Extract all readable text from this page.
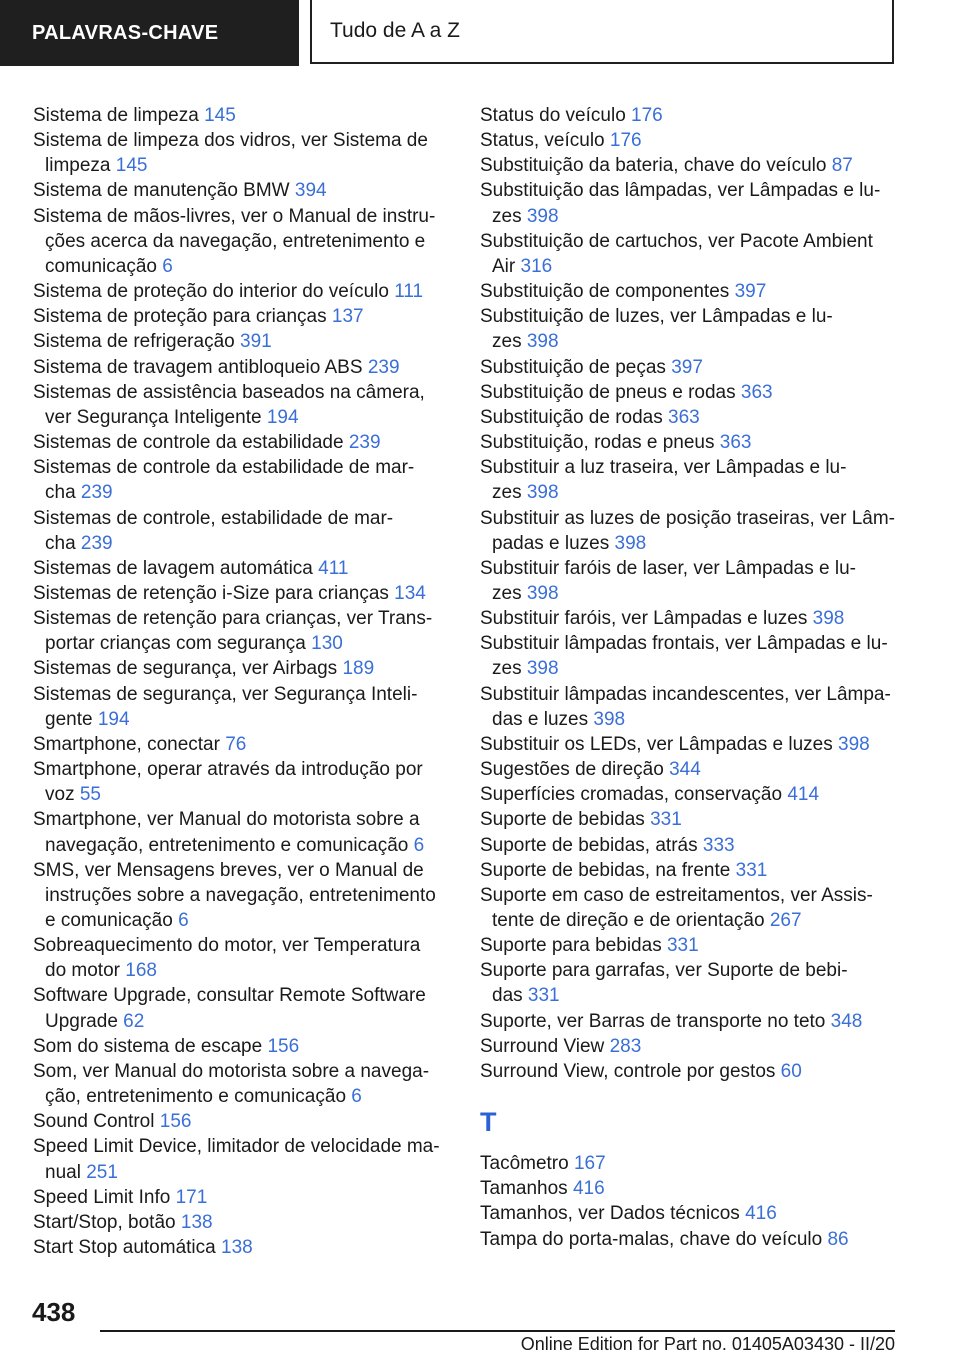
PALAVRAS-CHAVE	Tudo de A a Z
Sistema de limpeza 145
Sistema de limpeza dos vidros, ver Sistema de
limpeza 145
Sistema de manutenção BMW 394
Sistema de mãos-livres, ver o Manual de instru-
ções acerca da navegação, entretenimento e
comunicação 6
Sistema de proteção do interior do veículo 111
Sistema de proteção para crianças 137
Sistema de refrigeração 391
Sistema de travagem antibloqueio ABS 239
Sistemas de assistência baseados na câmera,
ver Segurança Inteligente 194
Sistemas de controle da estabilidade 239
Sistemas de controle da estabilidade de mar-
cha 239
Sistemas de controle, estabilidade de mar-
cha 239
Sistemas de lavagem automática 411
Sistemas de retenção i-Size para crianças 134
Sistemas de retenção para crianças, ver Trans-
portar crianças com segurança 130
Sistemas de segurança, ver Airbags 189
Sistemas de segurança, ver Segurança Inteli-
gente 194
Smartphone, conectar 76
Smartphone, operar através da introdução por
voz 55
Smartphone, ver Manual do motorista sobre a
navegação, entretenimento e comunicação 6
SMS, ver Mensagens breves, ver o Manual de
instruções sobre a navegação, entretenimento
e comunicação 6
Sobreaquecimento do motor, ver Temperatura
do motor 168
Software Upgrade, consultar Remote Software
Upgrade 62
Som do sistema de escape 156
Som, ver Manual do motorista sobre a navega-
ção, entretenimento e comunicação 6
Sound Control 156
Speed Limit Device, limitador de velocidade ma-
nual 251
Speed Limit Info 171
Start/Stop, botão 138
Start Stop automática 138
Status do veículo 176
Status, veículo 176
Substituição da bateria, chave do veículo 87
Substituição das lâmpadas, ver Lâmpadas e lu-
zes 398
Substituição de cartuchos, ver Pacote Ambient
Air 316
Substituição de componentes 397
Substituição de luzes, ver Lâmpadas e lu-
zes 398
Substituição de peças 397
Substituição de pneus e rodas 363
Substituição de rodas 363
Substituição, rodas e pneus 363
Substituir a luz traseira, ver Lâmpadas e lu-
zes 398
Substituir as luzes de posição traseiras, ver Lâm-
padas e luzes 398
Substituir faróis de laser, ver Lâmpadas e lu-
zes 398
Substituir faróis, ver Lâmpadas e luzes 398
Substituir lâmpadas frontais, ver Lâmpadas e lu-
zes 398
Substituir lâmpadas incandescentes, ver Lâmpa-
das e luzes 398
Substituir os LEDs, ver Lâmpadas e luzes 398
Sugestões de direção 344
Superfícies cromadas, conservação 414
Suporte de bebidas 331
Suporte de bebidas, atrás 333
Suporte de bebidas, na frente 331
Suporte em caso de estreitamentos, ver Assis-
tente de direção e de orientação 267
Suporte para bebidas 331
Suporte para garrafas, ver Suporte de bebi-
das 331
Suporte, ver Barras de transporte no teto 348
Surround View 283
Surround View, controle por gestos 60
T
Tacômetro 167
Tamanhos 416
Tamanhos, ver Dados técnicos 416
Tampa do porta-malas, chave do veículo 86
438
Online Edition for Part no. 01405A03430 - II/20
